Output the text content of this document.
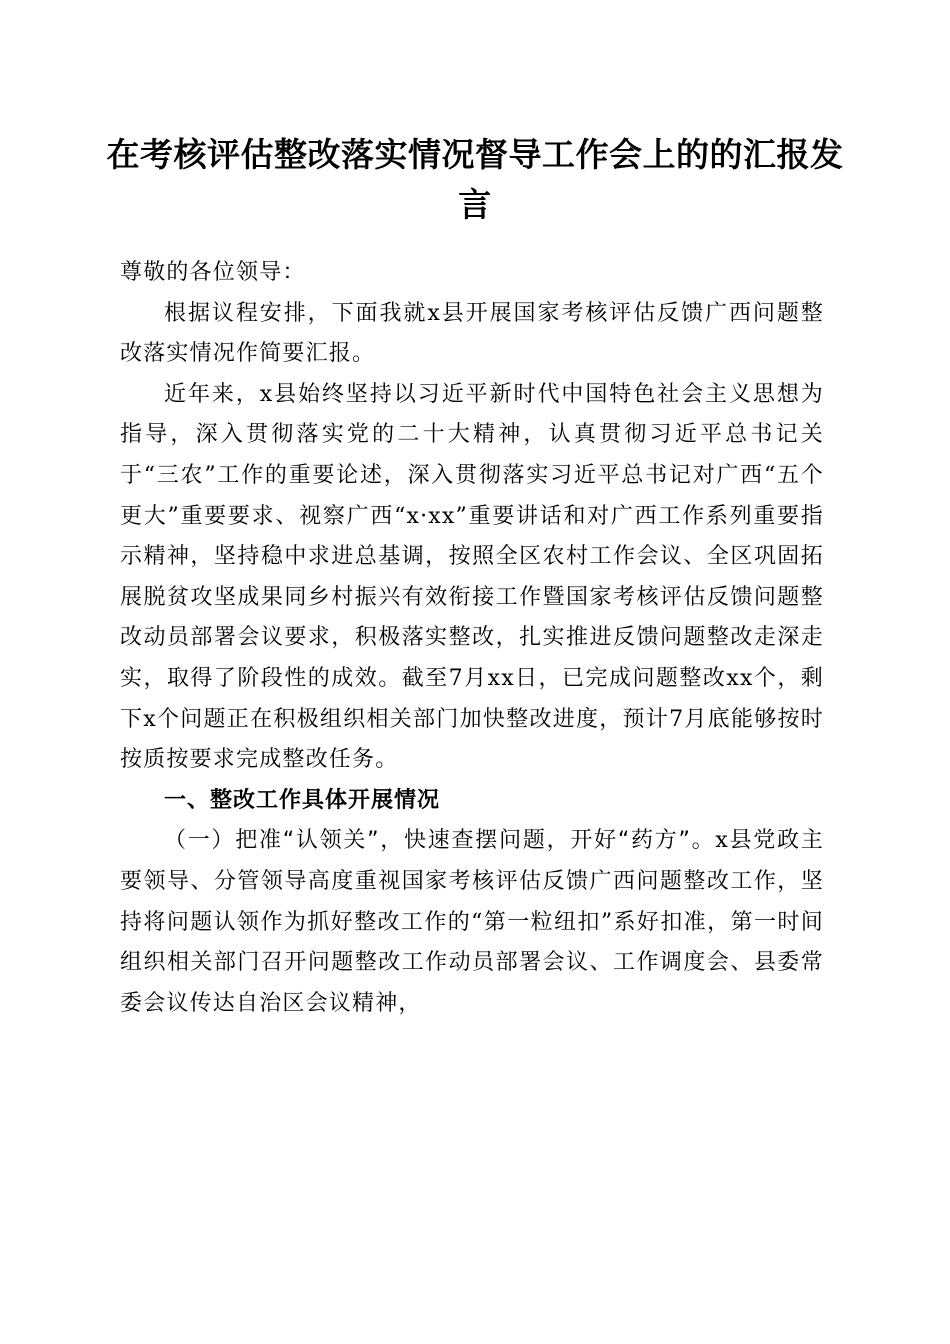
在考核评估整改落实情况督导工作会上的的汇报发言

尊敬的各位领导：

根据议程安排，下面我就x县开展国家考核评估反馈广西问题整改落实情况作简要汇报。

近年来，x县始终坚持以习近平新时代中国特色社会主义思想为指导，深入贯彻落实党的二十大精神，认真贯彻习近平总书记关于“三农”工作的重要论述，深入贯彻落实习近平总书记对广西“五个更大”重要要求、视察广西“x·xx”重要讲话和对广西工作系列重要指示精神，坚持稳中求进总基调，按照全区农村工作会议、全区巩固拓展脱贫攻坚成果同乡村振兴有效衔接工作暨国家考核评估反馈问题整改动员部署会议要求，积极落实整改，扎实推进反馈问题整改走深走实，取得了阶段性的成效。截至7月xx日，已完成问题整改xx个，剩下x个问题正在积极组织相关部门加快整改进度，预计7月底能够按时按质按要求完成整改任务。

一、整改工作具体开展情况

（一）把准“认领关”，快速查摆问题，开好“药方”。x县党政主要领导、分管领导高度重视国家考核评估反馈广西问题整改工作，坚持将问题认领作为抓好整改工作的“第一粒纽扣”系好扣准，第一时间组织相关部门召开问题整改工作动员部署会议、工作调度会、县委常委会议传达自治区会议精神，
